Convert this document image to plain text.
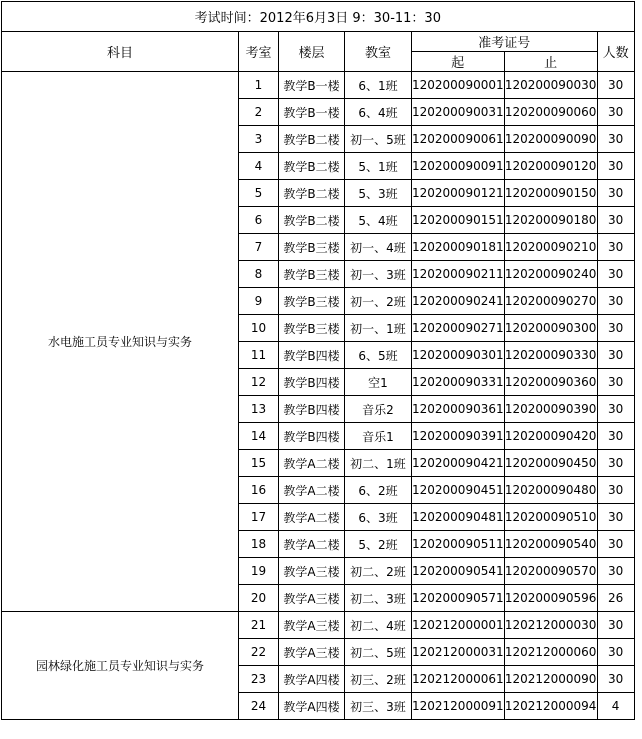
考试时间：2012年6月3日 9：30-11：30						
科目	考室	楼层	教室	准考证号		人数
				起	止	
水电施工员专业知识与实务	1	教学B一楼	6、1班	120200090001	120200090030	30
	2	教学B一楼	6、4班	120200090031	120200090060	30
	3	教学B二楼	初一、5班	120200090061	120200090090	30
	4	教学B二楼	5、1班	120200090091	120200090120	30
	5	教学B二楼	5、3班	120200090121	120200090150	30
	6	教学B二楼	5、4班	120200090151	120200090180	30
	7	教学B三楼	初一、4班	120200090181	120200090210	30
	8	教学B三楼	初一、3班	120200090211	120200090240	30
	9	教学B三楼	初一、2班	120200090241	120200090270	30
	10	教学B三楼	初一、1班	120200090271	120200090300	30
	11	教学B四楼	6、5班	120200090301	120200090330	30
	12	教学B四楼	空1	120200090331	120200090360	30
	13	教学B四楼	音乐2	120200090361	120200090390	30
	14	教学B四楼	音乐1	120200090391	120200090420	30
	15	教学A二楼	初二、1班	120200090421	120200090450	30
	16	教学A二楼	6、2班	120200090451	120200090480	30
	17	教学A二楼	6、3班	120200090481	120200090510	30
	18	教学A二楼	5、2班	120200090511	120200090540	30
	19	教学A三楼	初二、2班	120200090541	120200090570	30
	20	教学A三楼	初二、3班	120200090571	120200090596	26
园林绿化施工员专业知识与实务	21	教学A三楼	初二、4班	120212000001	120212000030	30
	22	教学A三楼	初二、5班	120212000031	120212000060	30
	23	教学A四楼	初三、2班	120212000061	120212000090	30
	24	教学A四楼	初三、3班	120212000091	120212000094	4
